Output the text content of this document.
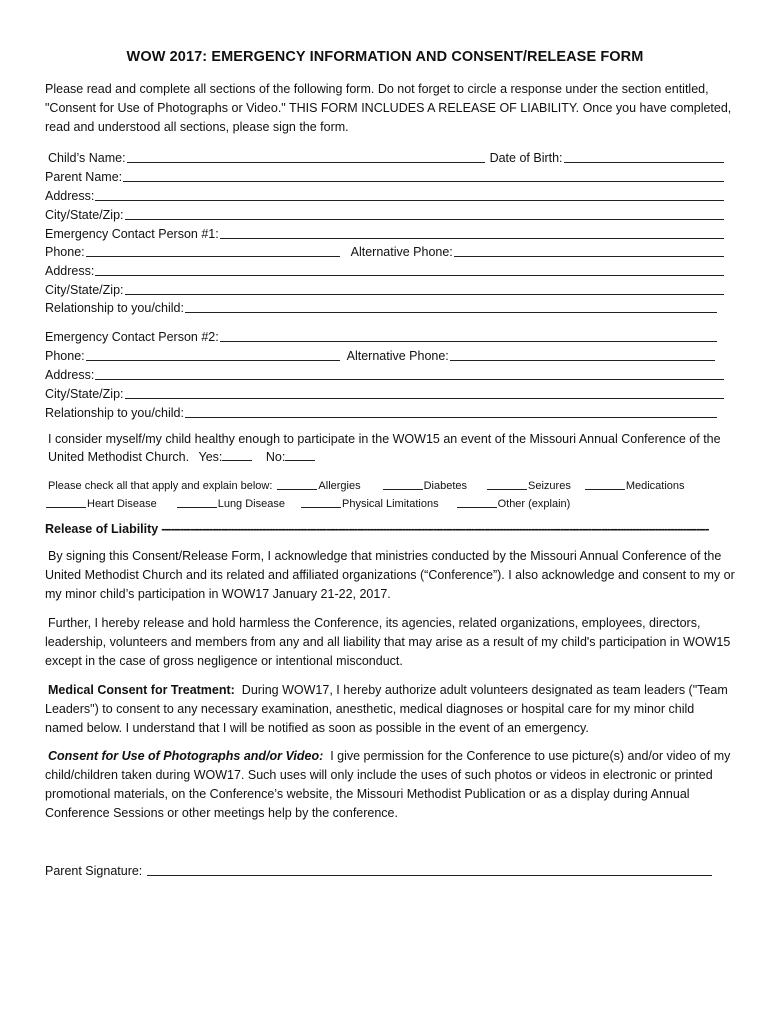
WOW 2017: EMERGENCY INFORMATION AND CONSENT/RELEASE FORM
Please read and complete all sections of the following form. Do not forget to circle a response under the section entitled, "Consent for Use of Photographs or Video." THIS FORM INCLUDES A RELEASE OF LIABILITY. Once you have completed, read and understood all sections, please sign the form.
Child’s Name:	Date of Birth:
Parent Name:
Address:
City/State/Zip:
Emergency Contact Person #1:
Phone:	Alternative Phone:
Address:
City/State/Zip:
Relationship to you/child:
Emergency Contact Person #2:
Phone:	Alternative Phone:
Address:
City/State/Zip:
Relationship to you/child:
I consider myself/my child healthy enough to participate in the WOW15 an event of the Missouri Annual Conference of the United Methodist Church. Yes:	No:
Please check all that apply and explain below:	Allergies	Diabetes	Seizures	Medications
Heart Disease	Lung Disease	Physical Limitations	Other (explain)
Release of Liability -----------------------------------------------------------------------------------------------------------------------------------------------------------------------------
By signing this Consent/Release Form, I acknowledge that ministries conducted by the Missouri Annual Conference of the United Methodist Church and its related and affiliated organizations (“Conference”). I also acknowledge and consent to my or my minor child’s participation in WOW17 January 21-22, 2017.
Further, I hereby release and hold harmless the Conference, its agencies, related organizations, employees, directors, leadership, volunteers and members from any and all liability that may arise as a result of my child's participation in WOW15 except in the case of gross negligence or intentional misconduct.
Medical Consent for Treatment: During WOW17, I hereby authorize adult volunteers designated as team leaders ("Team Leaders") to consent to any necessary examination, anesthetic, medical diagnoses or hospital care for my minor child named below. I understand that I will be notified as soon as possible in the event of an emergency.
Consent for Use of Photographs and/or Video: I give permission for the Conference to use picture(s) and/or video of my child/children taken during WOW17. Such uses will only include the uses of such photos or videos in electronic or printed promotional materials, on the Conference’s website, the Missouri Methodist Publication or as a display during Annual Conference Sessions or other meetings help by the conference.
Parent Signature:
